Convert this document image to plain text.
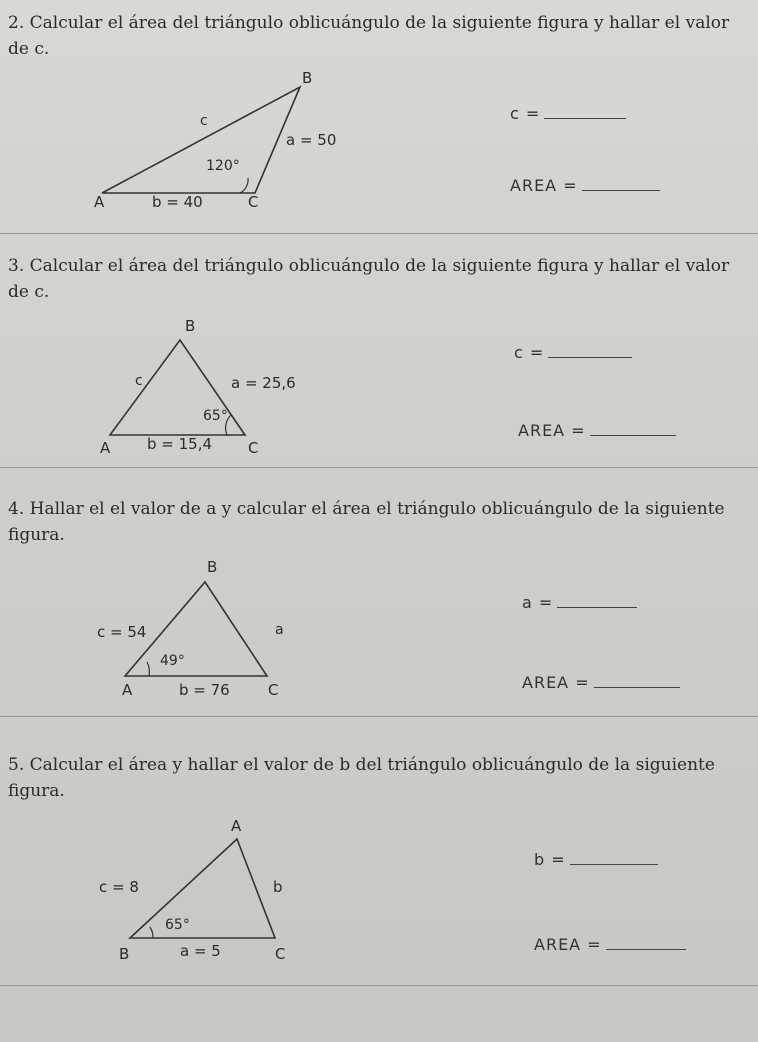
2. Calcular el área del triángulo oblicuángulo de la siguiente figura y hallar el valor
de c.
B
c
a = 50
120°
A	b = 40	C
c =
AREA =
3. Calcular el área del triángulo oblicuángulo de la siguiente figura y hallar el valor
de c.
B
c	a = 25,6
65°
A b = 15,4 C
c =
AREA =
4. Hallar el el valor de a y calcular el área el triángulo oblicuángulo de la siguiente
figura.
B
c = 54	a
49°
A	b = 76	C
a =
AREA =
5. Calcular el área y hallar el valor de b del triángulo oblicuángulo de la siguiente
figura.
A
c = 8	b
65°
B	a = 5	C
b =
AREA =
